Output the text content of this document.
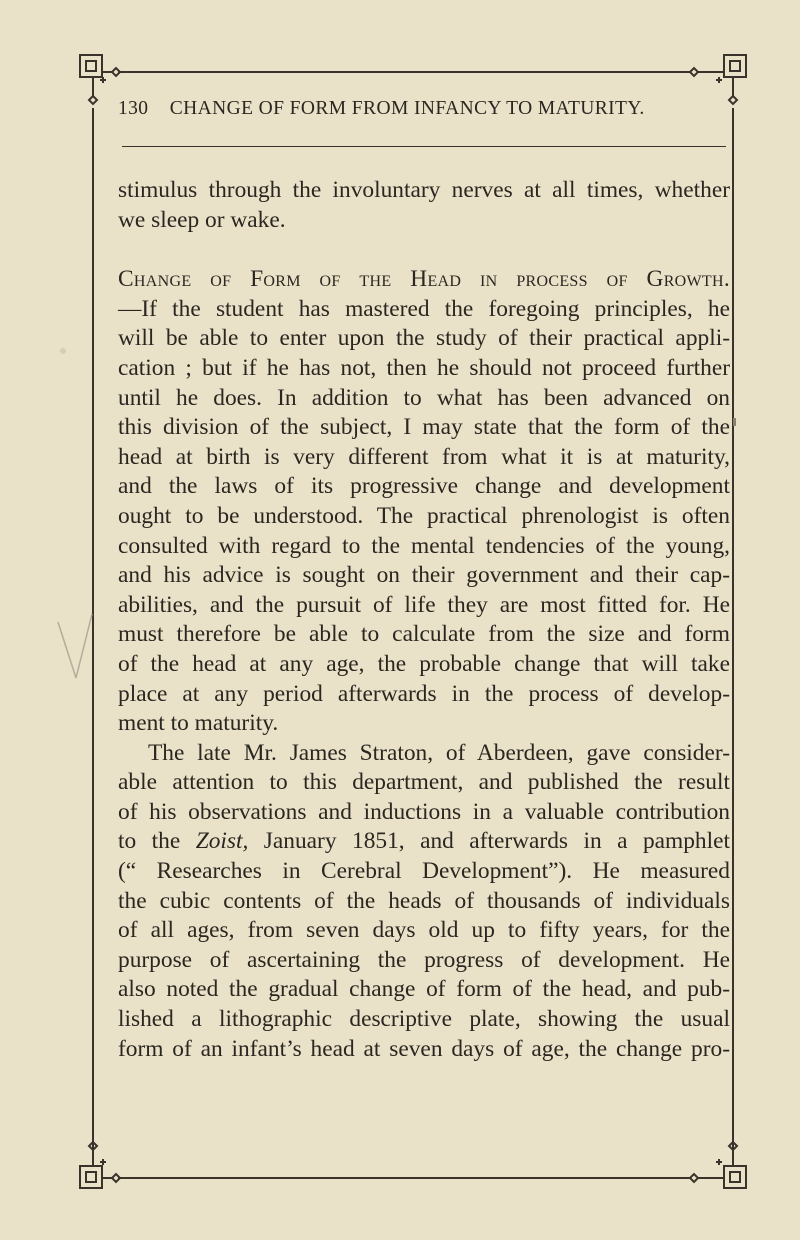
130 CHANGE OF FORM FROM INFANCY TO MATURITY.

stimulus through the involuntary nerves at all times, whether

we sleep or wake.

Change of Form of the Head in process of Growth.

—If the student has mastered the foregoing principles, he

will be able to enter upon the study of their practical appli-

cation ; but if he has not, then he should not proceed further

until he does. In addition to what has been advanced on

this division of the subject, I may state that the form of the

head at birth is very different from what it is at maturity,

and the laws of its progressive change and development

ought to be understood. The practical phrenologist is often

consulted with regard to the mental tendencies of the young,

and his advice is sought on their government and their cap-

abilities, and the pursuit of life they are most fitted for. He

must therefore be able to calculate from the size and form

of the head at any age, the probable change that will take

place at any period afterwards in the process of develop-

ment to maturity.

The late Mr. James Straton, of Aberdeen, gave consider-

able attention to this department, and published the result

of his observations and inductions in a valuable contribution

to the Zoist, January 1851, and afterwards in a pamphlet

(“ Researches in Cerebral Development”). He measured

the cubic contents of the heads of thousands of individuals

of all ages, from seven days old up to fifty years, for the

purpose of ascertaining the progress of development. He

also noted the gradual change of form of the head, and pub-

lished a lithographic descriptive plate, showing the usual

form of an infant’s head at seven days of age, the change pro-
